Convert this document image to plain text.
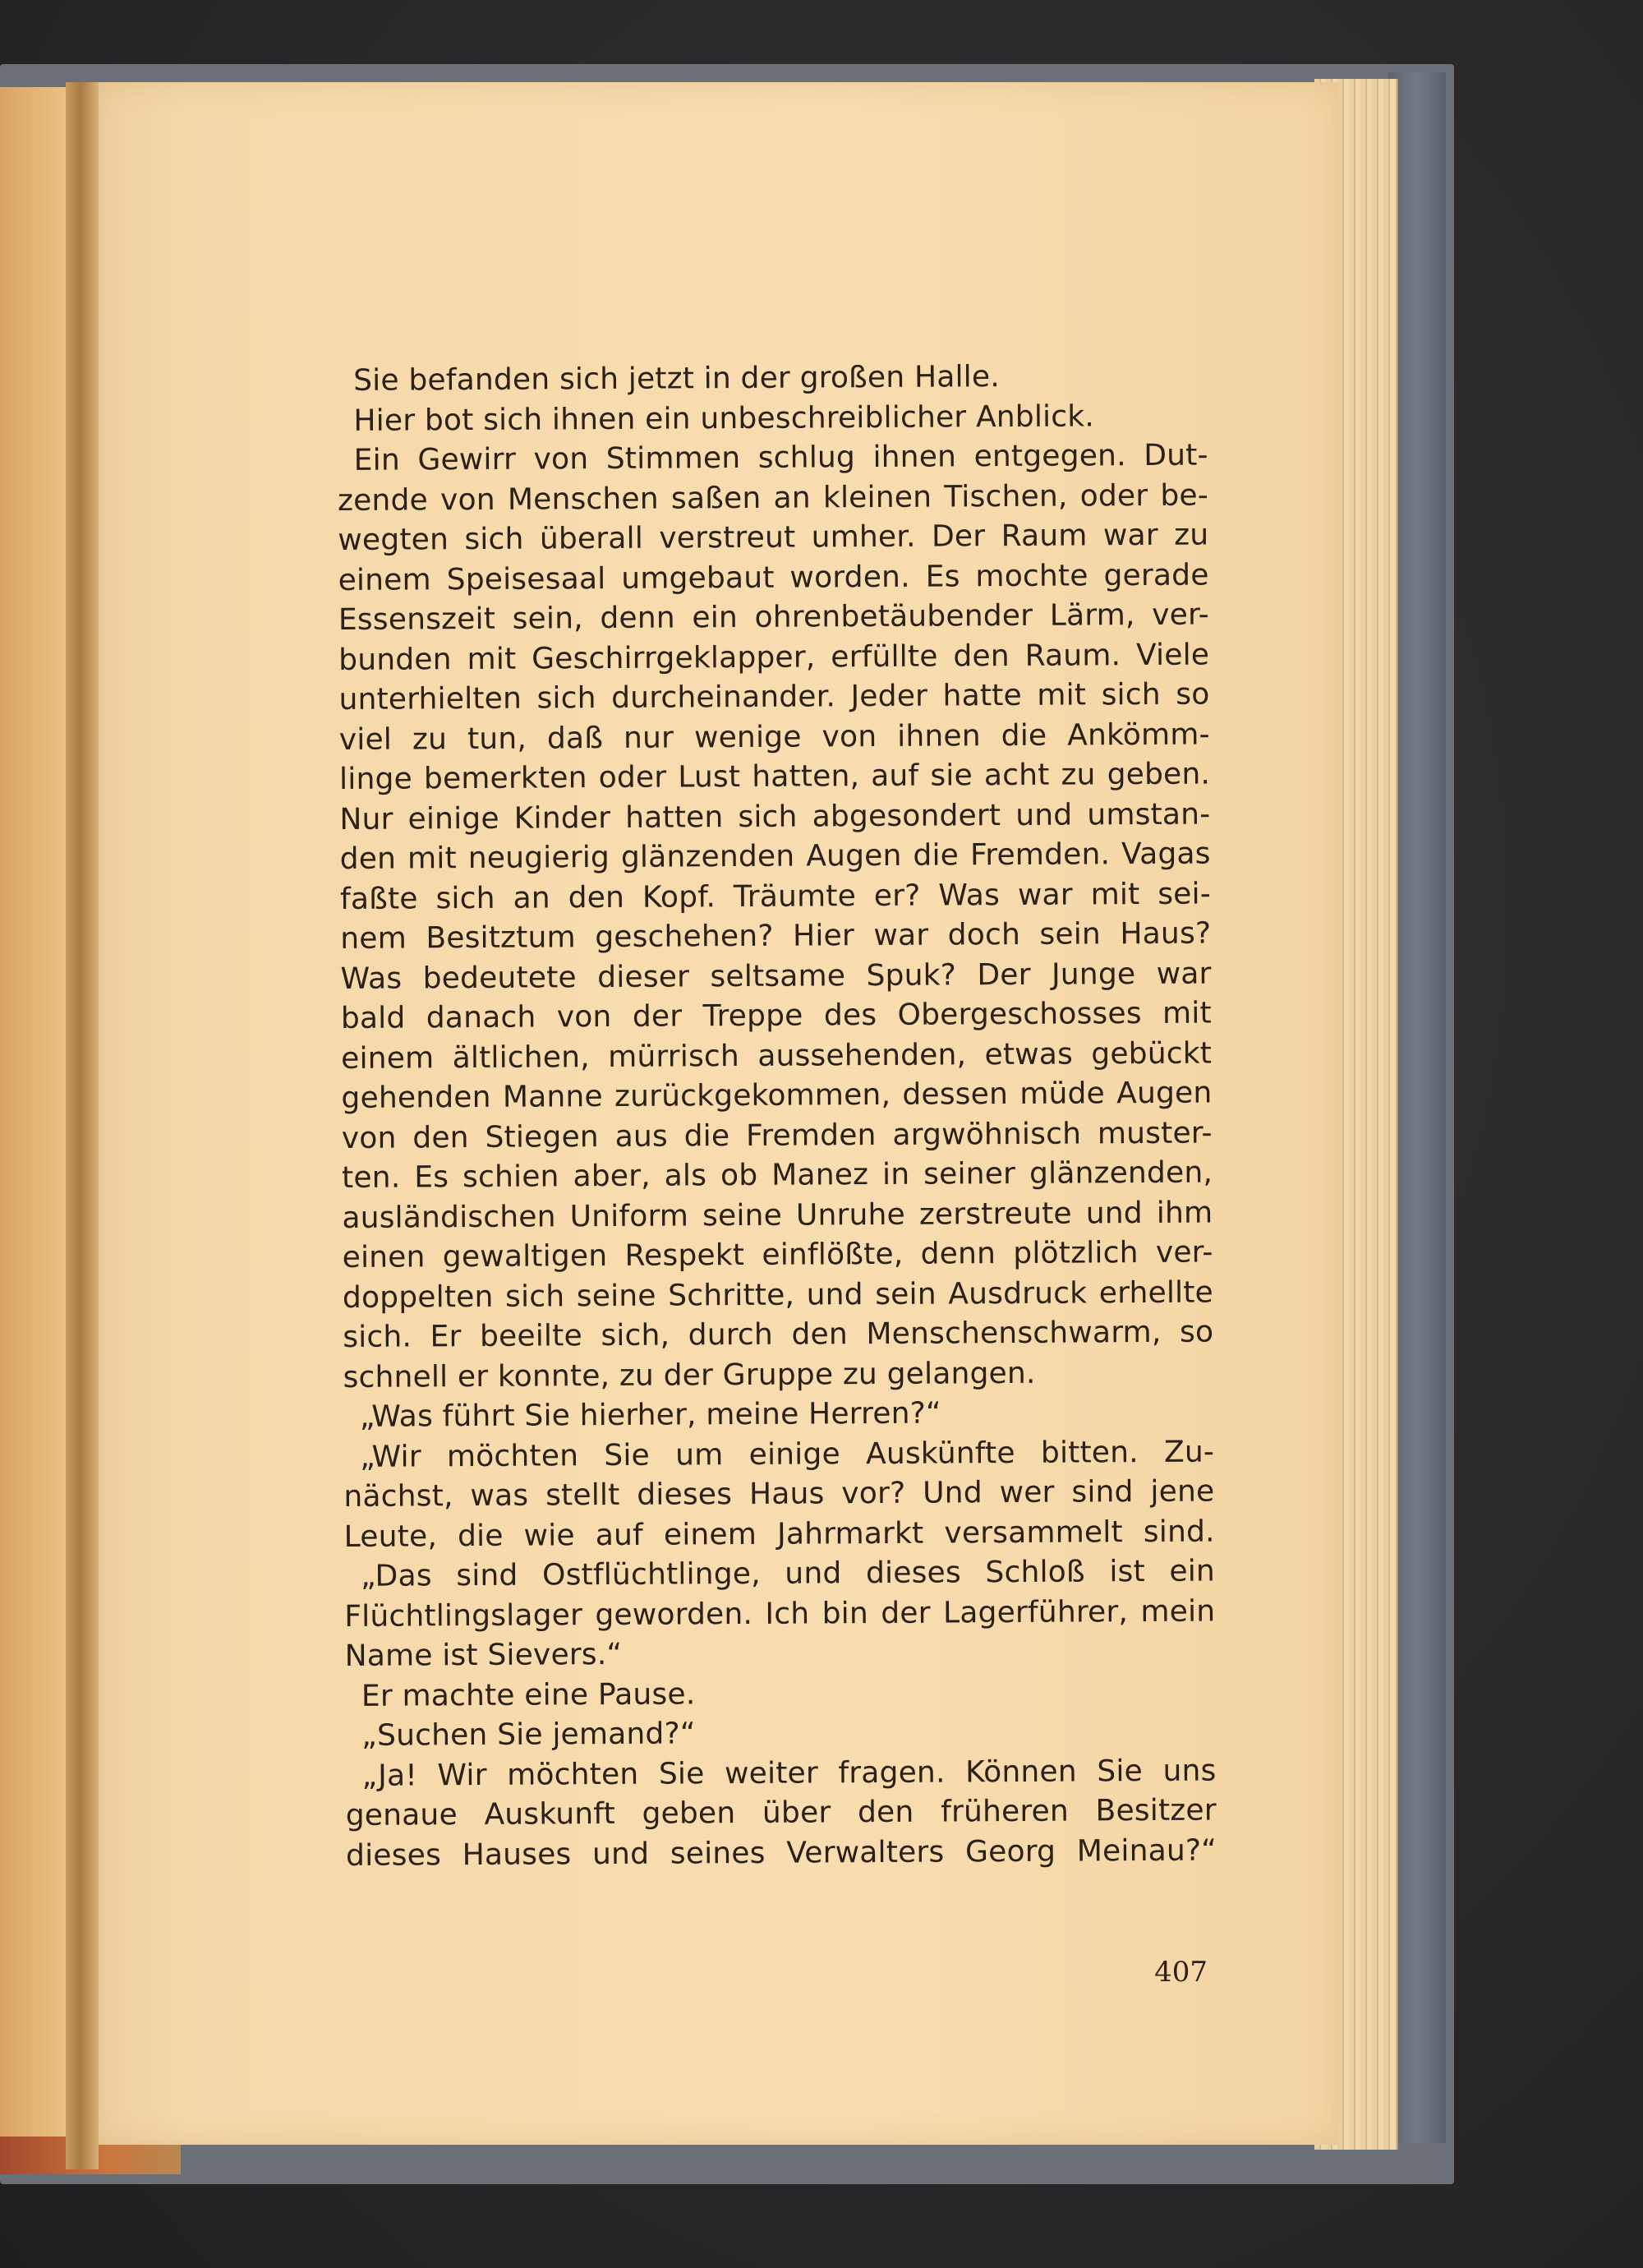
Sie befanden sich jetzt in der großen Halle.
Hier bot sich ihnen ein unbeschreiblicher Anblick.
Ein Gewirr von Stimmen schlug ihnen entgegen. Dut-
zende von Menschen saßen an kleinen Tischen, oder be-
wegten sich überall verstreut umher. Der Raum war zu
einem Speisesaal umgebaut worden. Es mochte gerade
Essenszeit sein, denn ein ohrenbetäubender Lärm, ver-
bunden mit Geschirrgeklapper, erfüllte den Raum. Viele
unterhielten sich durcheinander. Jeder hatte mit sich so
viel zu tun, daß nur wenige von ihnen die Ankömm-
linge bemerkten oder Lust hatten, auf sie acht zu geben.
Nur einige Kinder hatten sich abgesondert und umstan-
den mit neugierig glänzenden Augen die Fremden. Vagas
faßte sich an den Kopf. Träumte er? Was war mit sei-
nem Besitztum geschehen? Hier war doch sein Haus?
Was bedeutete dieser seltsame Spuk? Der Junge war
bald danach von der Treppe des Obergeschosses mit
einem ältlichen, mürrisch aussehenden, etwas gebückt
gehenden Manne zurückgekommen, dessen müde Augen
von den Stiegen aus die Fremden argwöhnisch muster-
ten. Es schien aber, als ob Manez in seiner glänzenden,
ausländischen Uniform seine Unruhe zerstreute und ihm
einen gewaltigen Respekt einflößte, denn plötzlich ver-
doppelten sich seine Schritte, und sein Ausdruck erhellte
sich. Er beeilte sich, durch den Menschenschwarm, so
schnell er konnte, zu der Gruppe zu gelangen.
„Was führt Sie hierher, meine Herren?“
„Wir möchten Sie um einige Auskünfte bitten. Zu-
nächst, was stellt dieses Haus vor? Und wer sind jene
Leute, die wie auf einem Jahrmarkt versammelt sind.
„Das sind Ostflüchtlinge, und dieses Schloß ist ein
Flüchtlingslager geworden. Ich bin der Lagerführer, mein
Name ist Sievers.“
Er machte eine Pause.
„Suchen Sie jemand?“
„Ja! Wir möchten Sie weiter fragen. Können Sie uns
genaue Auskunft geben über den früheren Besitzer
dieses Hauses und seines Verwalters Georg Meinau?“
407
